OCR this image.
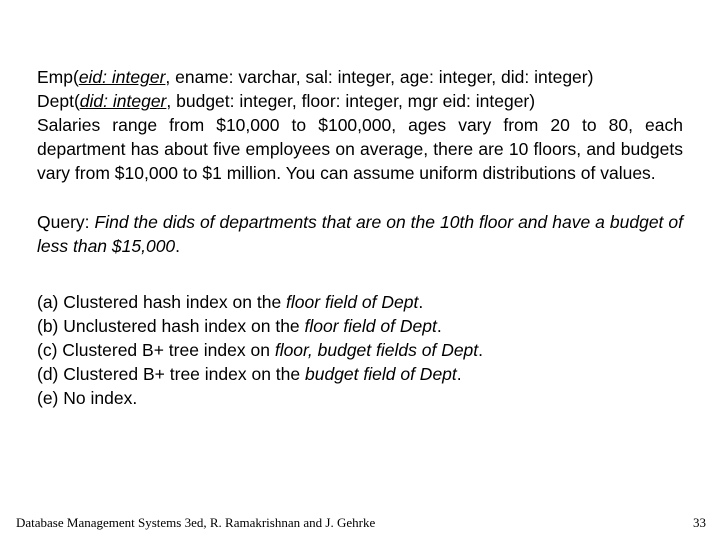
Emp(eid: integer, ename: varchar, sal: integer, age: integer, did: integer)
Dept(did: integer, budget: integer, floor: integer, mgr eid: integer)

Salaries range from $10,000 to $100,000, ages vary from 20 to 80, each department has about five employees on average, there are 10 floors, and budgets vary from $10,000 to $1 million. You can assume uniform distributions of values.

Query: Find the dids of departments that are on the 10th floor and have a budget of less than $15,000.

(a) Clustered hash index on the floor field of Dept.
(b) Unclustered hash index on the floor field of Dept.
(c) Clustered B+ tree index on floor, budget fields of Dept.
(d) Clustered B+ tree index on the budget field of Dept.
(e) No index.
Database Management Systems 3ed, R. Ramakrishnan and J. Gehrke	33
